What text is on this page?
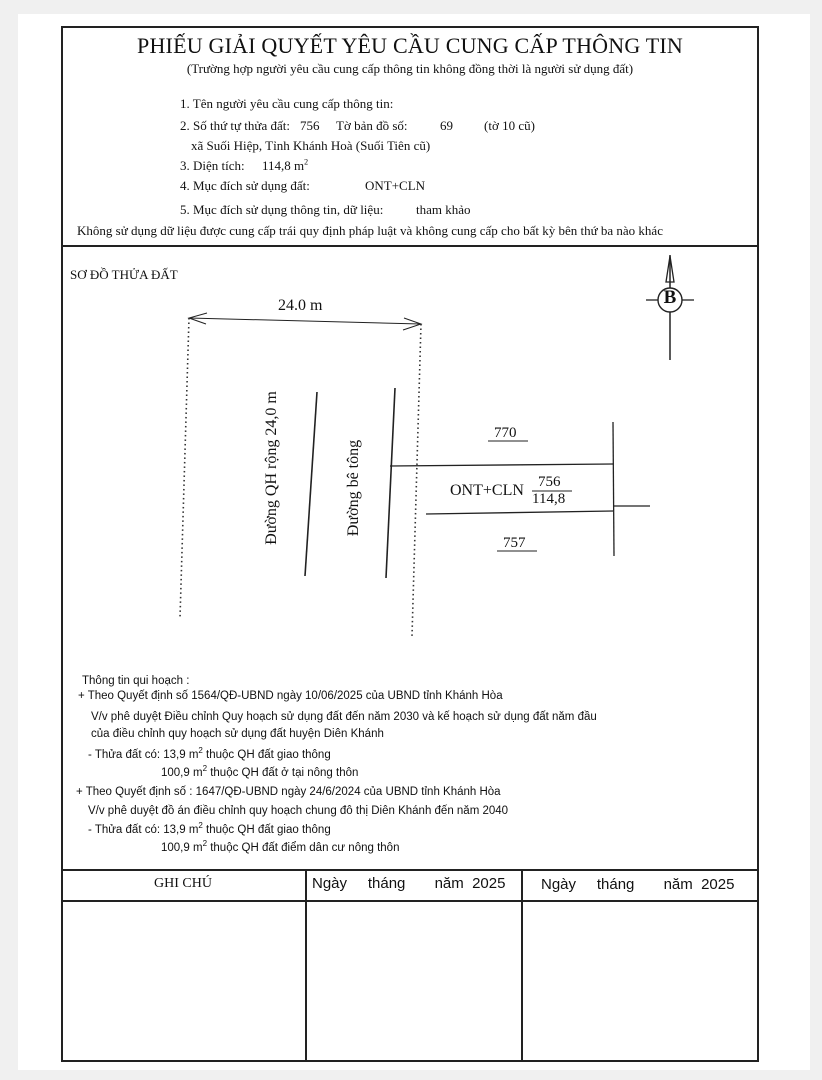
PHIẾU GIẢI QUYẾT YÊU CẦU CUNG CẤP THÔNG TIN
(Trường hợp người yêu cầu cung cấp thông tin không đồng thời là người sử dụng đất)
1. Tên người yêu cầu cung cấp thông tin:
2. Số thứ tự thửa đất: 756 Tờ bản đồ số: 69 (tờ 10 cũ)
xã Suối Hiệp, Tỉnh Khánh Hoà (Suối Tiên cũ)
3. Diện tích: 114,8 $m^2$
4. Mục đích sử dụng đất:	ONT+CLN
5. Mục đích sử dụng thông tin, dữ liệu:	tham khảo
Không sử dụng dữ liệu được cung cấp trái quy định pháp luật và không cung cấp cho bất kỳ bên thứ ba nào khác
SƠ ĐỒ THỬA ĐẤT
B
24.0 m
Đường QH rộng 24,0 m	Đường bê tông
770
ONT+CLN 756
114,8
757
Thông tin qui hoạch :
+ Theo Quyết định số 1564/QĐ-UBND ngày 10/06/2025 của UBND tỉnh Khánh Hòa
V/v phê duyệt Điều chỉnh Quy hoạch sử dụng đất đến năm 2030 và kế hoạch sử dụng đất năm đầu
của điều chỉnh quy hoạch sử dụng đất huyện Diên Khánh
- Thửa đất có: 13,9 $m^2$ thuộc QH đất giao thông
100,9 $m^2$ thuộc QH đất ở tại nông thôn
+ Theo Quyết định số : 1647/QĐ-UBND ngày 24/6/2024 của UBND tỉnh Khánh Hòa
V/v phê duyệt đồ án điều chỉnh quy hoạch chung đô thị Diên Khánh đến năm 2040
- Thửa đất có: 13,9 $m^2$ thuộc QH đất giao thông
100,9 $m^2$ thuộc QH đất điểm dân cư nông thôn
GHI CHÚ	Ngày     tháng       năm  2025 Ngày     tháng       năm  2025
